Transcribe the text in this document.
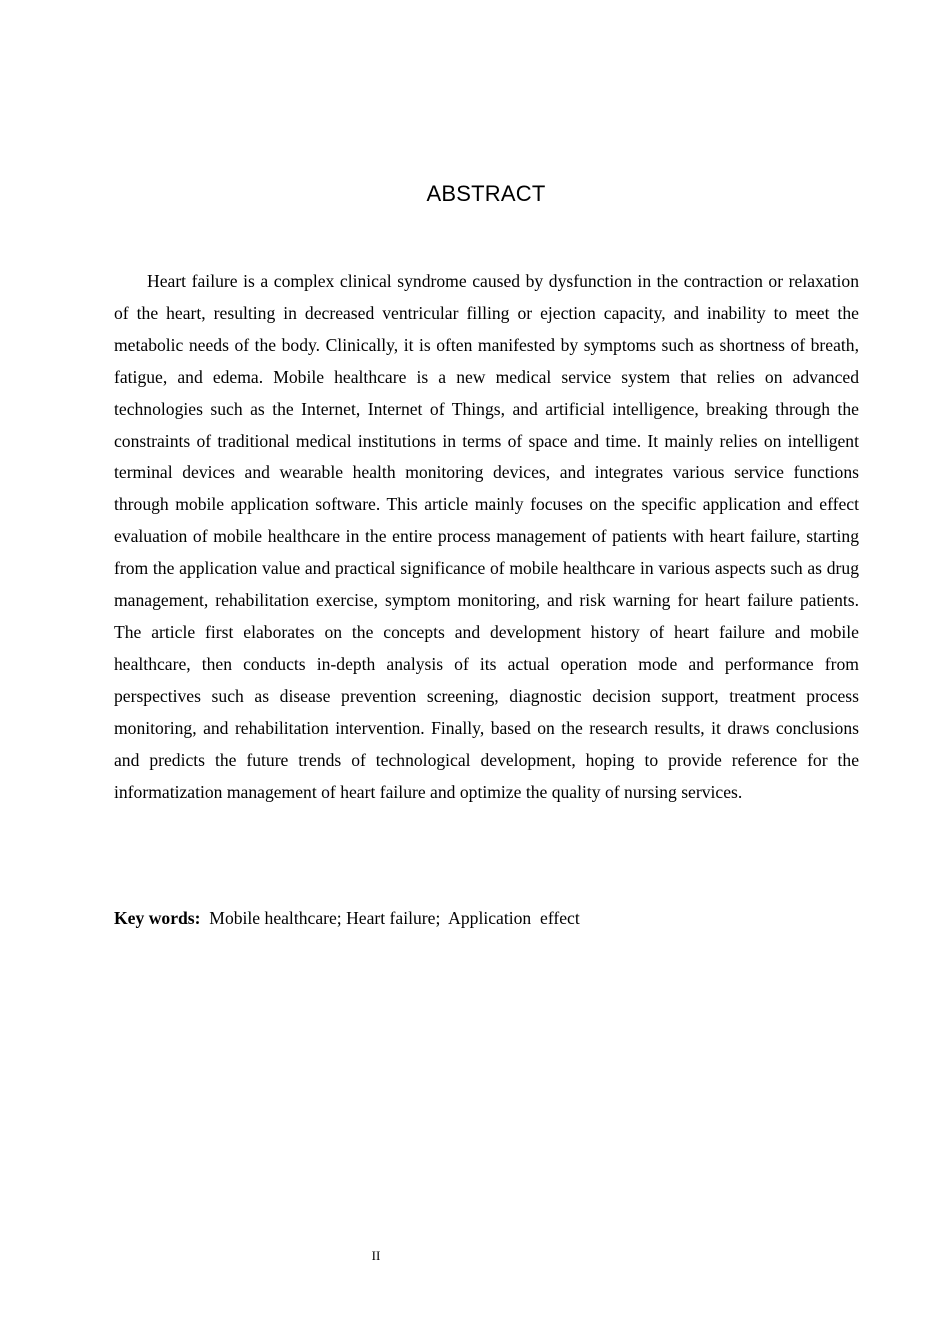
ABSTRACT

Heart failure is a complex clinical syndrome caused by dysfunction in the contraction or relaxation of the heart, resulting in decreased ventricular filling or ejection capacity, and inability to meet the metabolic needs of the body. Clinically, it is often manifested by symptoms such as shortness of breath, fatigue, and edema. Mobile healthcare is a new medical service system that relies on advanced technologies such as the Internet, Internet of Things, and artificial intelligence, breaking through the constraints of traditional medical institutions in terms of space and time. It mainly relies on intelligent terminal devices and wearable health monitoring devices, and integrates various service functions through mobile application software. This article mainly focuses on the specific application and effect evaluation of mobile healthcare in the entire process management of patients with heart failure, starting from the application value and practical significance of mobile healthcare in various aspects such as drug management, rehabilitation exercise, symptom monitoring, and risk warning for heart failure patients. The article first elaborates on the concepts and development history of heart failure and mobile healthcare, then conducts in-depth analysis of its actual operation mode and performance from perspectives such as disease prevention screening, diagnostic decision support, treatment process monitoring, and rehabilitation intervention. Finally, based on the research results, it draws conclusions and predicts the future trends of technological development, hoping to provide reference for the informatization management of heart failure and optimize the quality of nursing services.

Key words:  Mobile healthcare; Heart failure;  Application  effect

II
